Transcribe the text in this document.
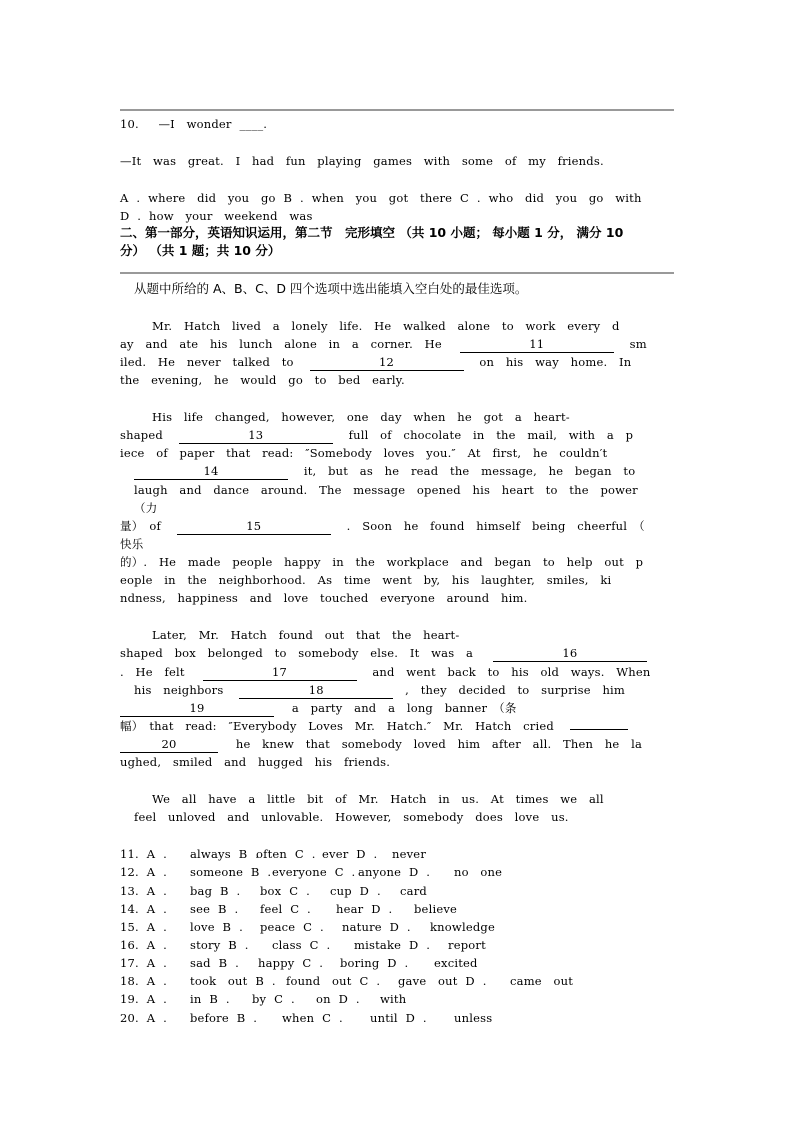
10.　 —I　wonder ____.
—It　was　great.　I　had　fun　playing　games　with　some　of　my　friends.
A . where　did　you　go B . when　you　got　there C . who　did　you　go　with
D . how　your　weekend　was
二、第一部分，英语知识运用，第二节　完形填空 （共 10 小题； 每小题 1 分， 满分 10
分） （共 1 题；共 10 分）
从题中所给的 A、B、C、D 四个选项中选出能填入空白处的最佳选项。
Mr.　Hatch　lived　a　lonely　life.　He　walked　alone　to　work　every　d
ay　and　ate　his　lunch　alone　in　a　corner.　He	11	sm
iled.　He　never　talked　to	12	on　his　way　home.　In
the　evening,　he　would　go　to　bed　early.
His　life　changed,　however,　one　day　when　he　got　a　heart-
shaped	13	full　of　chocolate　in　the　mail,　with　a　p
iece　of　paper　that　read:　″Somebody　loves　you.″　At　first,　he　couldn′t
14	it,　but　as　he　read　the　message,　he　began　to
laugh　and　dance　around.　The　message　opened　his　heart　to　the　power
（力
量）　of	15	.　Soon　he　found　himself　being　cheerful　（
快乐
的）.　He　made　people　happy　in　the　workplace　and　began　to　help　out　p
eople　in　the　neighborhood.　As　time　went　by,　his　laughter,　smiles,　ki
ndness,　happiness　and　love　touched　everyone　around　him.
Later,　Mr.　Hatch　found　out　that　the　heart-
shaped　box　belonged　to　somebody　else.　It　was　a	16
.　He　felt	17	and　went　back　to　his　old　ways.　When
his　neighbors	18	,　they　decided　to　surprise　him
19	a　party　and　a　long　banner　（条
幅）　that　read:　″Everybody　Loves　Mr.　Hatch.″　Mr.　Hatch　cried
20	he　knew　that　somebody　loved　him　after　all.　Then　he　la
ughed,　smiled　and　hugged　his　friends.
We　all　have　a　little　bit　of　Mr.　Hatch　in　us.　At　times　we　all
feel　unloved　and　unlovable.　However,　somebody　does　love　us.
11. A . always B .often C . ever D . never
12. A . someone B .everyone C . anyone D . no　one
13. A . bag B . box C . cup D . card
14. A . see B . feel C . hear D . believe
15. A . love B . peace C . nature D . knowledge
16. A . story B . class C . mistake D . report
17. A . sad B . happy C . boring D . excited
18. A . took　out B . found　out C . gave　out D . came　out
19. A . in B . by C . on D . with
20. A . before B . when C . until D . unless
